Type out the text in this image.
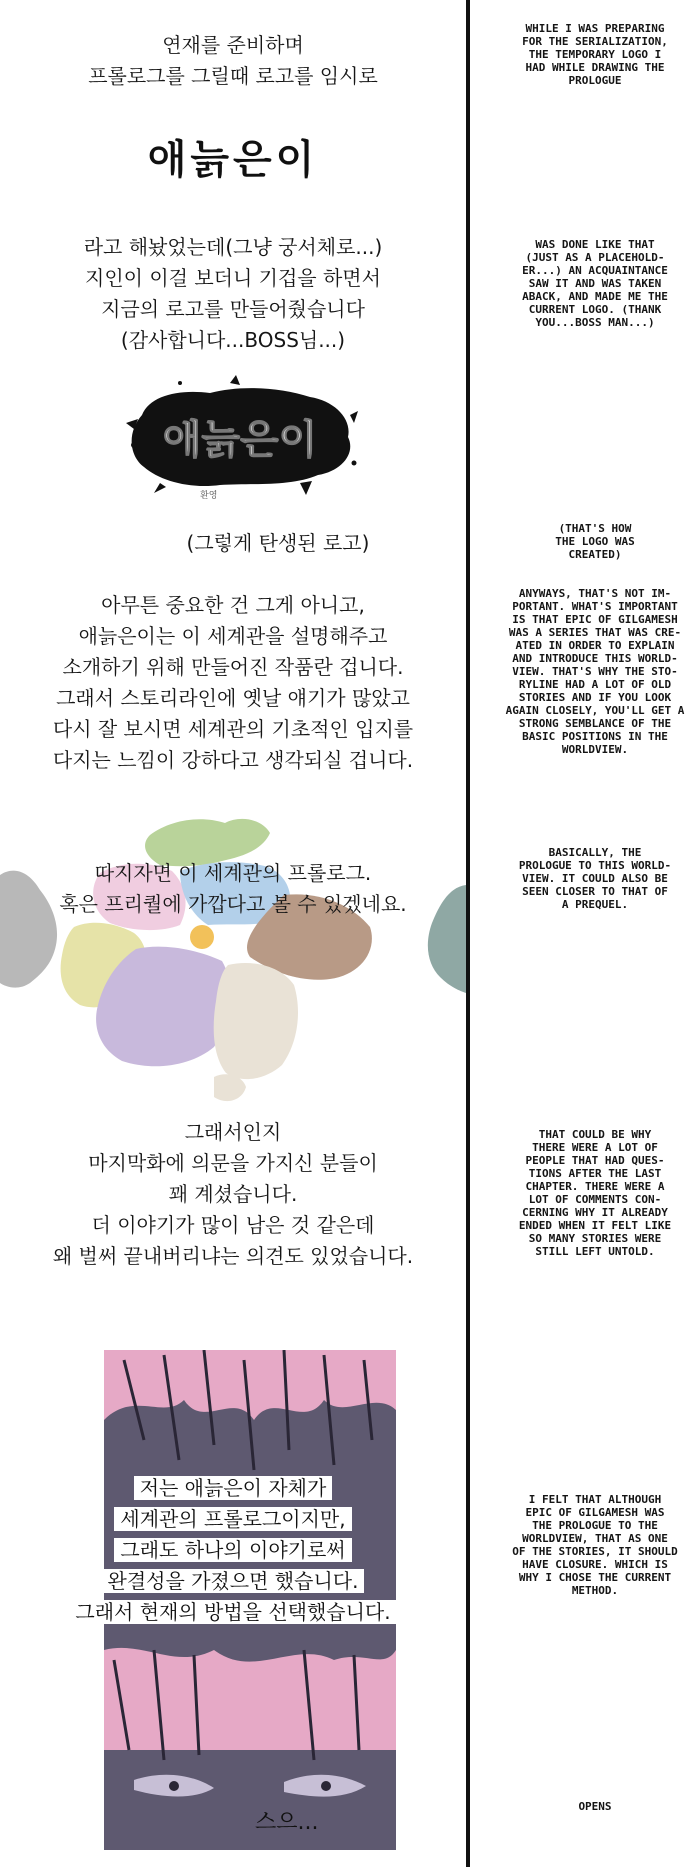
연재를 준비하며

프롤로그를 그릴때 로고를 임시로

애늙은이

라고 해놨었는데(그냥 궁서체로...)

지인이 이걸 보더니 기겁을 하면서

지금의 로고를 만들어줬습니다

(감사합니다...BOSS님...)

애늙은이
환영

(그렇게 탄생된 로고)

아무튼 중요한 건 그게 아니고,

애늙은이는 이 세계관을 설명해주고

소개하기 위해 만들어진 작품란 겁니다.

그래서 스토리라인에 옛날 얘기가 많았고

다시 잘 보시면 세계관의 기초적인 입지를

다지는 느낌이 강하다고 생각되실 겁니다.

따지자면 이 세계관의 프롤로그.

혹은 프리퀄에 가깝다고 볼 수 있겠네요.

그래서인지

마지막화에 의문을 가지신 분들이

꽤 계셨습니다.

더 이야기가 많이 남은 것 같은데

왜 벌써 끝내버리냐는 의견도 있었습니다.

저는 애늙은이 자체가

세계관의 프롤로그이지만,

그래도 하나의 이야기로써

완결성을 가졌으면 했습니다.

그래서 현재의 방법을 선택했습니다.

스으...
WHILE I WAS PREPARING
FOR THE SERIALIZATION,
THE TEMPORARY LOGO I
HAD WHILE DRAWING THE
PROLOGUE
WAS DONE LIKE THAT
(JUST AS A PLACEHOLD-
ER...) AN ACQUAINTANCE
SAW IT AND WAS TAKEN
ABACK, AND MADE ME THE
CURRENT LOGO. (THANK
YOU...BOSS MAN...)
(THAT'S HOW
THE LOGO WAS
CREATED)
ANYWAYS, THAT'S NOT IM-
PORTANT. WHAT'S IMPORTANT
IS THAT EPIC OF GILGAMESH
WAS A SERIES THAT WAS CRE-
ATED IN ORDER TO EXPLAIN
AND INTRODUCE THIS WORLD-
VIEW. THAT'S WHY THE STO-
RYLINE HAD A LOT OF OLD
STORIES AND IF YOU LOOK
AGAIN CLOSELY, YOU'LL GET A
STRONG SEMBLANCE OF THE
BASIC POSITIONS IN THE
WORLDVIEW.
BASICALLY, THE
PROLOGUE TO THIS WORLD-
VIEW. IT COULD ALSO BE
SEEN CLOSER TO THAT OF
A PREQUEL.
THAT COULD BE WHY
THERE WERE A LOT OF
PEOPLE THAT HAD QUES-
TIONS AFTER THE LAST
CHAPTER. THERE WERE A
LOT OF COMMENTS CON-
CERNING WHY IT ALREADY
ENDED WHEN IT FELT LIKE
SO MANY STORIES WERE
STILL LEFT UNTOLD.
I FELT THAT ALTHOUGH
EPIC OF GILGAMESH WAS
THE PROLOGUE TO THE
WORLDVIEW, THAT AS ONE
OF THE STORIES, IT SHOULD
HAVE CLOSURE. WHICH IS
WHY I CHOSE THE CURRENT
METHOD.
OPENS
